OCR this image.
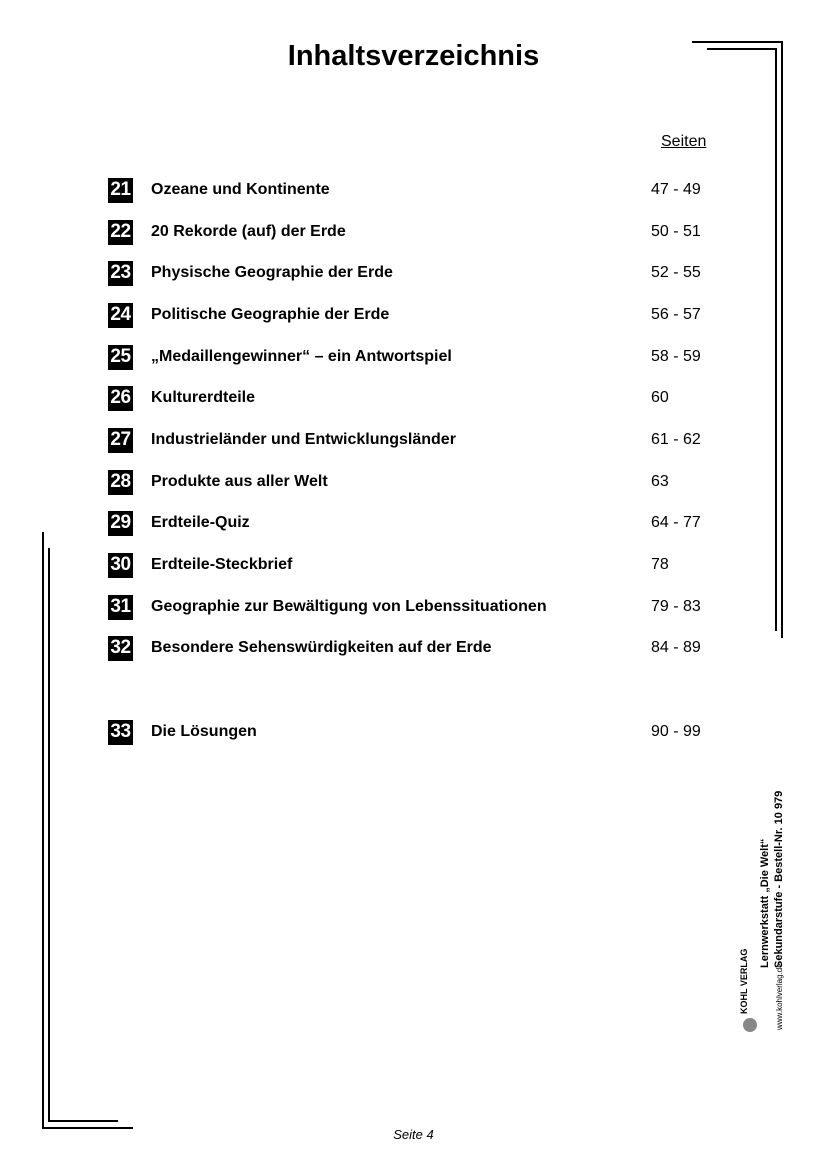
Inhaltsverzeichnis
Seiten
21 Ozeane und Kontinente	47 - 49
22 20 Rekorde (auf) der Erde	50 - 51
23 Physische Geographie der Erde	52 - 55
24 Politische Geographie der Erde	56 - 57
25 „Medaillengewinner“ – ein Antwortspiel	58 - 59
26 Kulturerdteile	60
27 Industrieländer und Entwicklungsländer	61 - 62
28 Produkte aus aller Welt	63
29 Erdteile-Quiz	64 - 77
30 Erdteile-Steckbrief	78
31 Geographie zur Bewältigung von Lebenssituationen	79 - 83
32 Besondere Sehenswürdigkeiten auf der Erde	84 - 89
33 Die Lösungen	90 - 99
KOHL VERLAG	www.kohlverlag.de
Lernwerkstatt „Die Welt“ Sekundarstufe - Bestell-Nr. 10 979
Seite 4
